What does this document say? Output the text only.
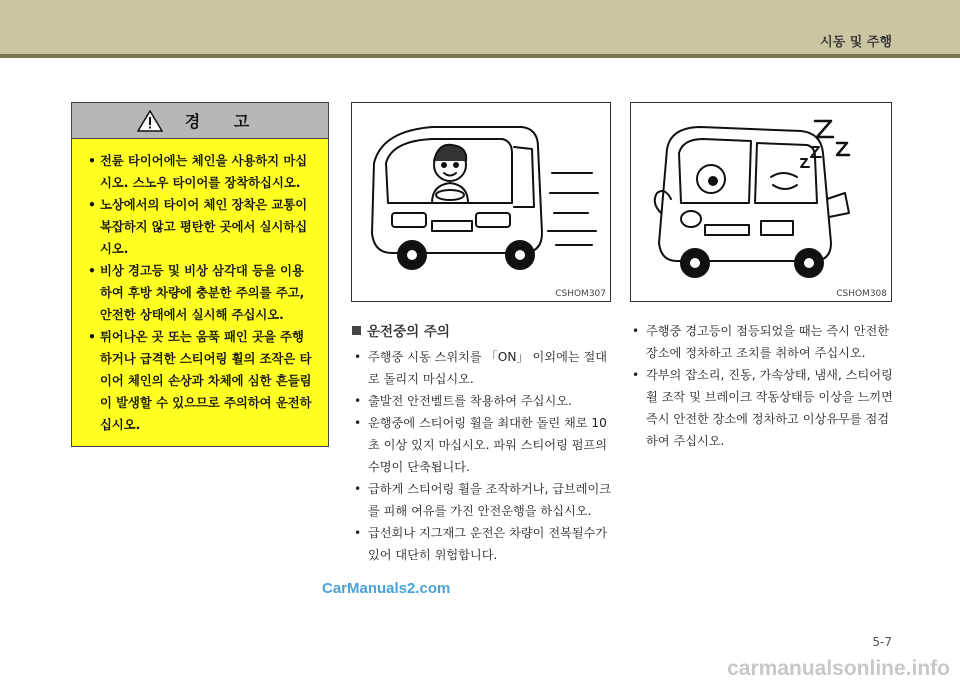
시동 및 주행
경 고
• 전륜 타이어에는 체인을 사용하지 마십시오. 스노우 타이어를 장착하십시오.
• 노상에서의 타이어 체인 장착은 교통이 복잡하지 않고 평탄한 곳에서 실시하십시오.
• 비상 경고등 및 비상 삼각대 등을 이용하여 후방 차량에 충분한 주의를 주고, 안전한 상태에서 실시해 주십시오.
• 튀어나온 곳 또는 움푹 패인 곳을 주행하거나 급격한 스티어링 휠의 조작은 타이어 체인의 손상과 차체에 심한 흔들림이 발생할 수 있으므로 주의하여 운전하십시오.
CSHOM307	CSHOM308
운전중의 주의
• 주행중 시동 스위치를 「ON」 이외에는 절대로 돌리지 마십시오.
• 출발전 안전벨트를 착용하여 주십시오.
• 운행중에 스티어링 휠을 최대한 돌린 채로 10초 이상 있지 마십시오. 파워 스티어링 펌프의 수명이 단축됩니다.
• 급하게 스티어링 휠을 조작하거나, 급브레이크를 피해 여유를 가진 안전운행을 하십시오.
• 급선회나 지그재그 운전은 차량이 전복될수가 있어 대단히 위험합니다.
• 주행중 경고등이 점등되었을 때는 즉시 안전한 장소에 정차하고 조치를 취하여 주십시오.
• 각부의 잡소리, 진동, 가속상태, 냄새, 스티어링 휠 조작 및 브레이크 작동상태등 이상을 느끼면 즉시 안전한 장소에 정차하고 이상유무를 점검하여 주십시오.
CarManuals2.com
5-7
carmanualsonline.info
